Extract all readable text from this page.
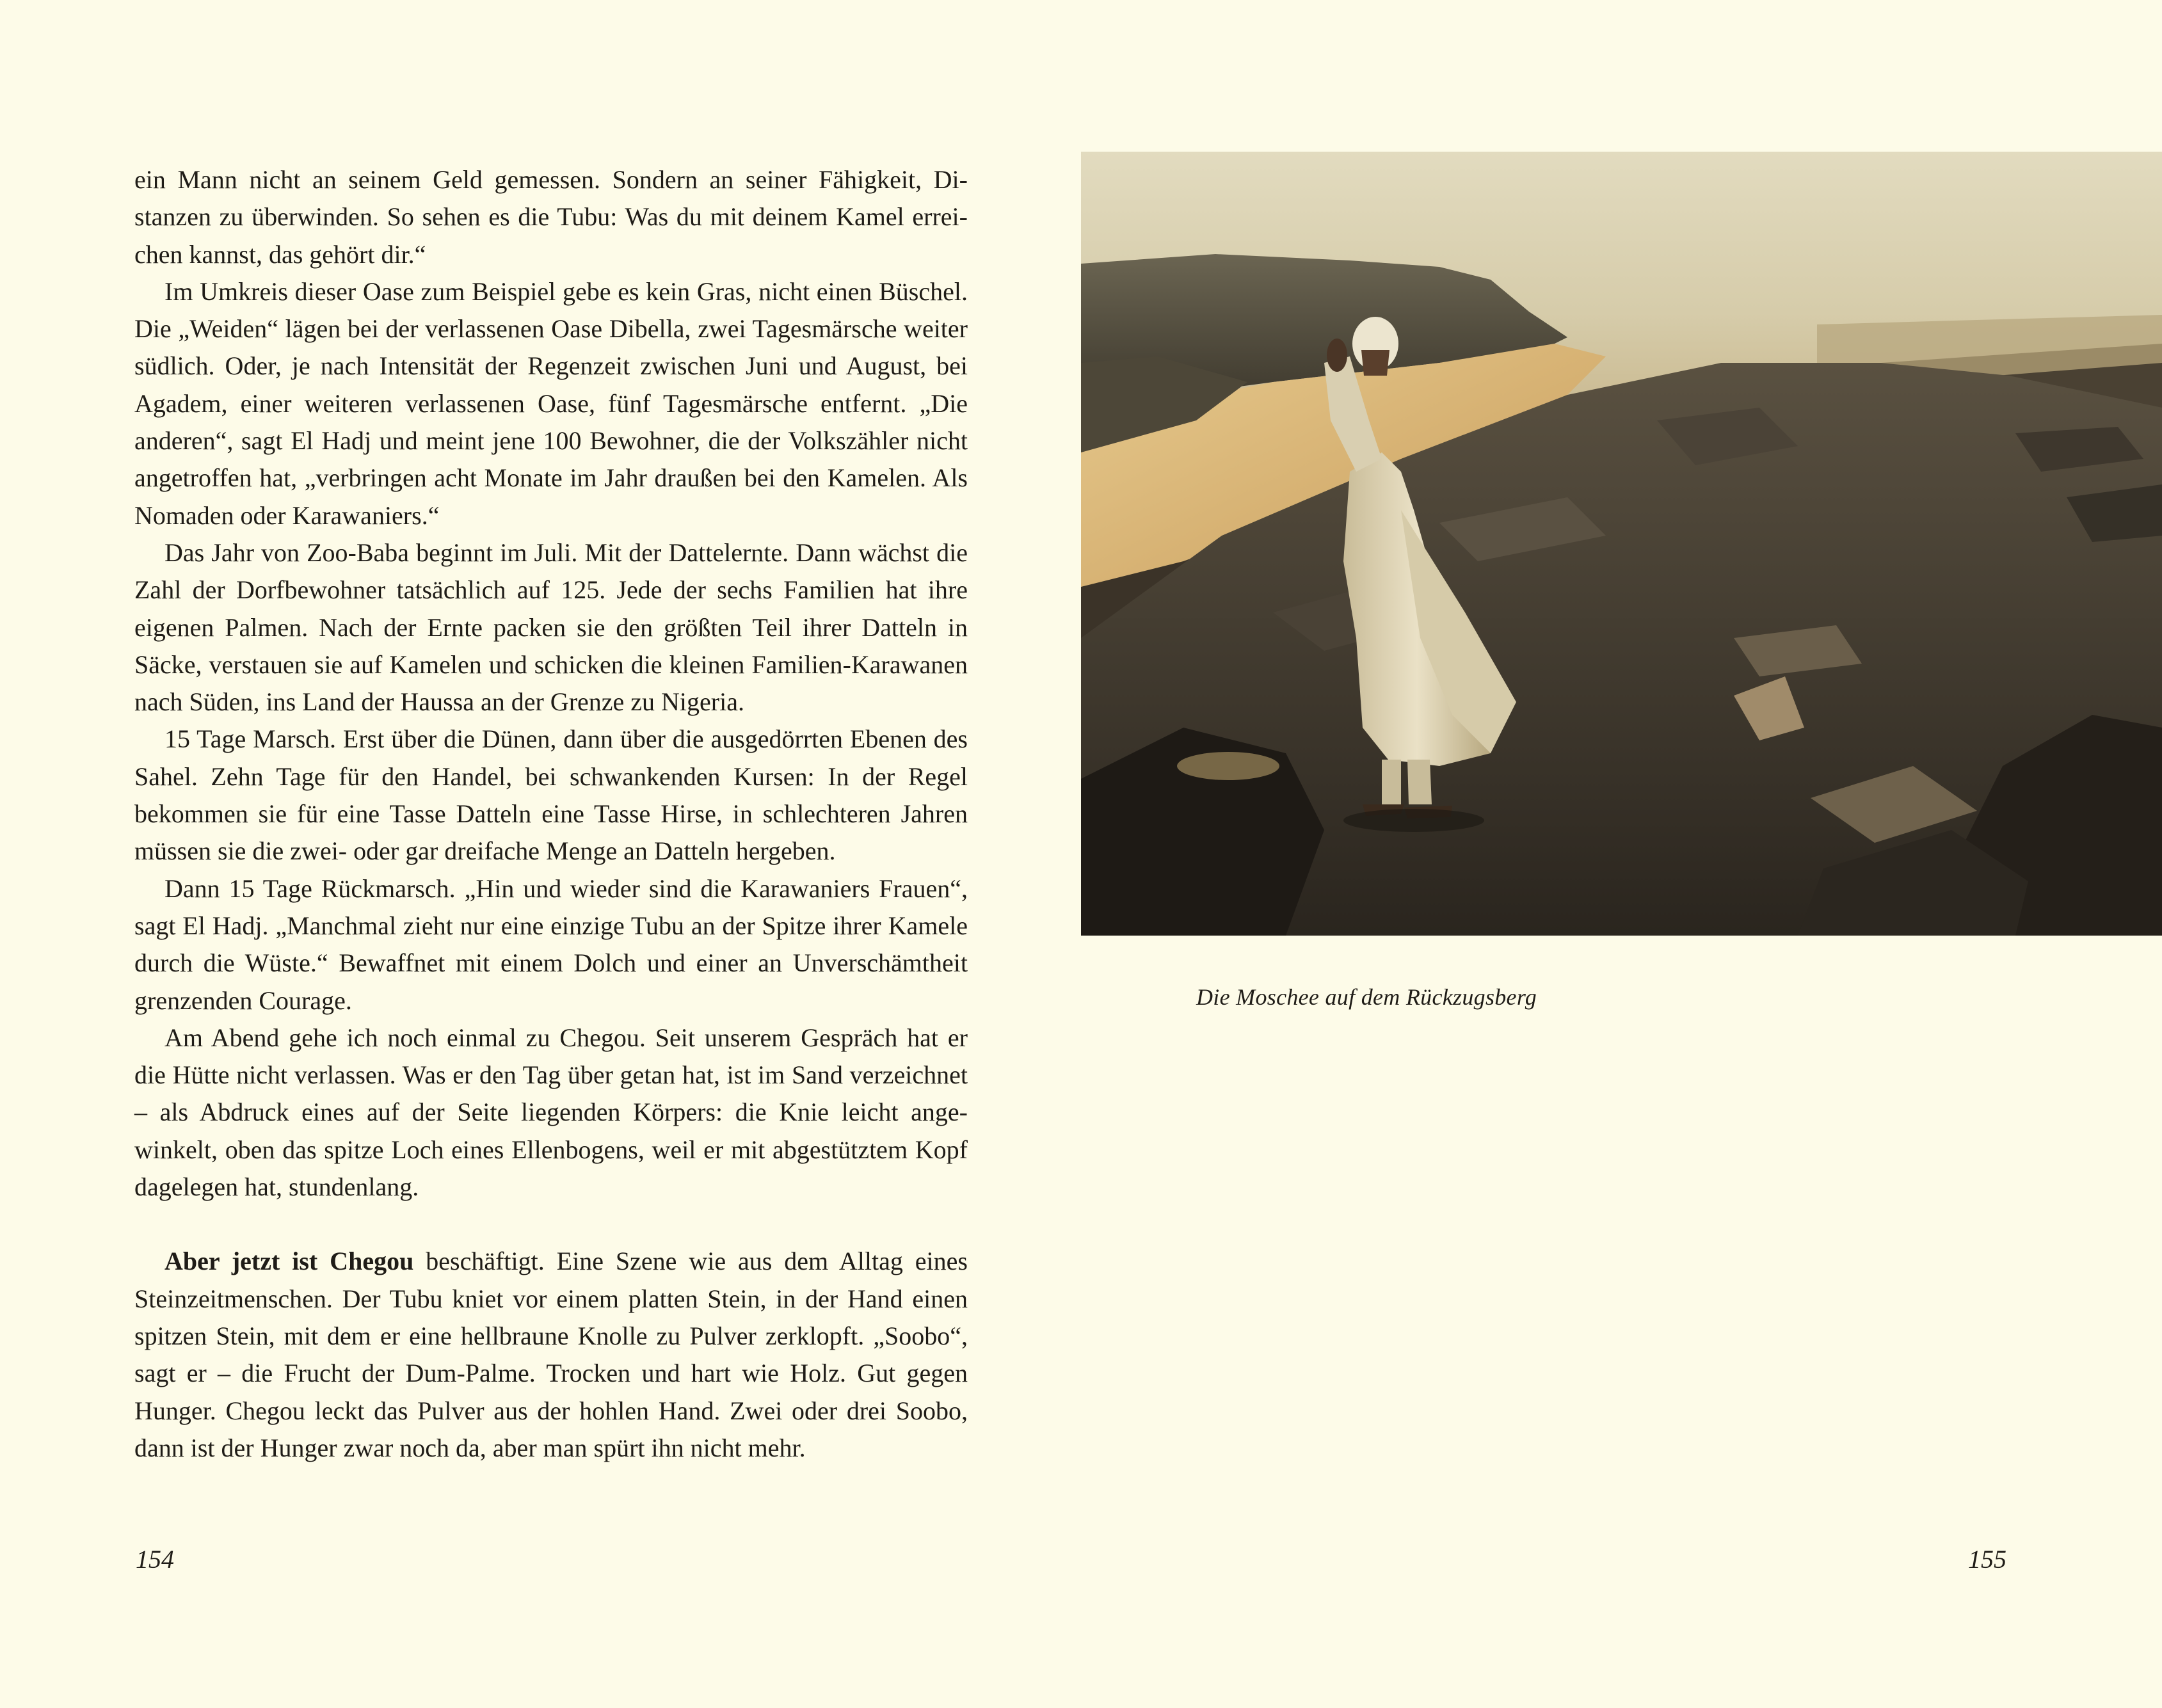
ein Mann nicht an seinem Geld gemessen. Sondern an seiner Fähigkeit, Distanzen zu überwinden. So sehen es die Tubu: Was du mit deinem Kamel erreichen kannst, das gehört dir.“

Im Umkreis dieser Oase zum Beispiel gebe es kein Gras, nicht einen Büschel. Die „Weiden“ lägen bei der verlassenen Oase Dibella, zwei Tagesmärsche weiter südlich. Oder, je nach Intensität der Regenzeit zwischen Juni und August, bei Agadem, einer weiteren verlassenen Oase, fünf Tagesmärsche entfernt. „Die anderen“, sagt El Hadj und meint jene 100 Bewohner, die der Volkszähler nicht angetroffen hat, „verbringen acht Monate im Jahr draußen bei den Kamelen. Als Nomaden oder Karawaniers.“

Das Jahr von Zoo-Baba beginnt im Juli. Mit der Dattelernte. Dann wächst die Zahl der Dorfbewohner tatsächlich auf 125. Jede der sechs Familien hat ihre eigenen Palmen. Nach der Ernte packen sie den größten Teil ihrer Datteln in Säcke, verstauen sie auf Kamelen und schicken die kleinen Familien-Karawanen nach Süden, ins Land der Haussa an der Grenze zu Nigeria.

15 Tage Marsch. Erst über die Dünen, dann über die ausgedörrten Ebenen des Sahel. Zehn Tage für den Handel, bei schwankenden Kursen: In der Regel bekommen sie für eine Tasse Datteln eine Tasse Hirse, in schlechteren Jahren müssen sie die zwei- oder gar dreifache Menge an Datteln hergeben.

Dann 15 Tage Rückmarsch. „Hin und wieder sind die Karawaniers Frauen“, sagt El Hadj. „Manchmal zieht nur eine einzige Tubu an der Spitze ihrer Kamele durch die Wüste.“ Bewaffnet mit einem Dolch und einer an Unverschämtheit grenzenden Courage.

Am Abend gehe ich noch einmal zu Chegou. Seit unserem Gespräch hat er die Hütte nicht verlassen. Was er den Tag über getan hat, ist im Sand verzeichnet – als Abdruck eines auf der Seite liegenden Körpers: die Knie leicht angewinkelt, oben das spitze Loch eines Ellenbogens, weil er mit abgestütztem Kopf dagelegen hat, stundenlang.

Aber jetzt ist Chegou beschäftigt. Eine Szene wie aus dem Alltag eines Steinzeitmenschen. Der Tubu kniet vor einem platten Stein, in der Hand einen spitzen Stein, mit dem er eine hellbraune Knolle zu Pulver zerklopft. „Soobo“, sagt er – die Frucht der Dum-Palme. Trocken und hart wie Holz. Gut gegen Hunger. Chegou leckt das Pulver aus der hohlen Hand. Zwei oder drei Soobo, dann ist der Hunger zwar noch da, aber man spürt ihn nicht mehr.

154
Die Moschee auf dem Rückzugsberg
155
